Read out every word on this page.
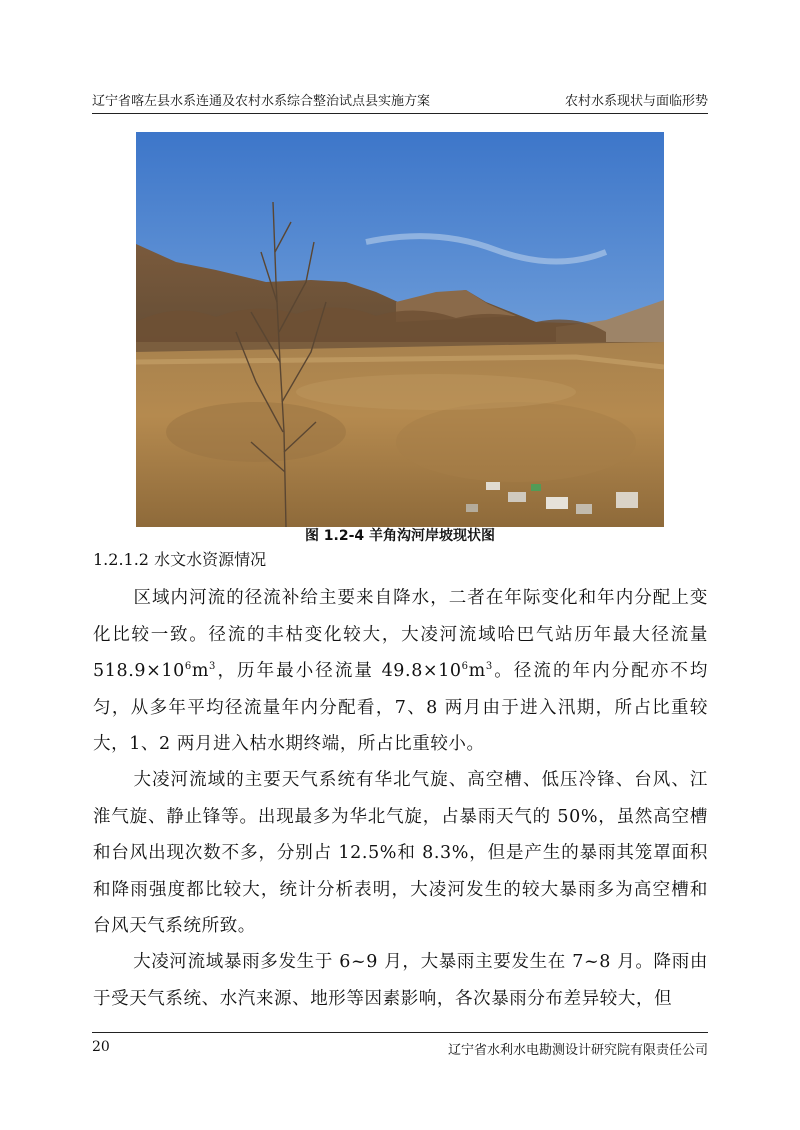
辽宁省喀左县水系连通及农村水系综合整治试点县实施方案	农村水系现状与面临形势
图 1.2-4 羊角沟河岸坡现状图
1.2.1.2 水文水资源情况

区域内河流的径流补给主要来自降水，二者在年际变化和年内分配上变化比较一致。径流的丰枯变化较大，大凌河流域哈巴气站历年最大径流量 $518.9\times 10^6m^3$，历年最小径流量 $49.8\times 10^6m^3$。径流的年内分配亦不均匀，从多年平均径流量年内分配看，7、8 两月由于进入汛期，所占比重较大，1、2 两月进入枯水期终端，所占比重较小。

大凌河流域的主要天气系统有华北气旋、高空槽、低压冷锋、台风、江淮气旋、静止锋等。出现最多为华北气旋，占暴雨天气的 50%，虽然高空槽和台风出现次数不多，分别占 12.5%和 8.3%，但是产生的暴雨其笼罩面积和降雨强度都比较大，统计分析表明，大凌河发生的较大暴雨多为高空槽和台风天气系统所致。

大凌河流域暴雨多发生于 6~9 月，大暴雨主要发生在 7~8 月。降雨由于受天气系统、水汽来源、地形等因素影响，各次暴雨分布差异较大，但

20	辽宁省水利水电勘测设计研究院有限责任公司
